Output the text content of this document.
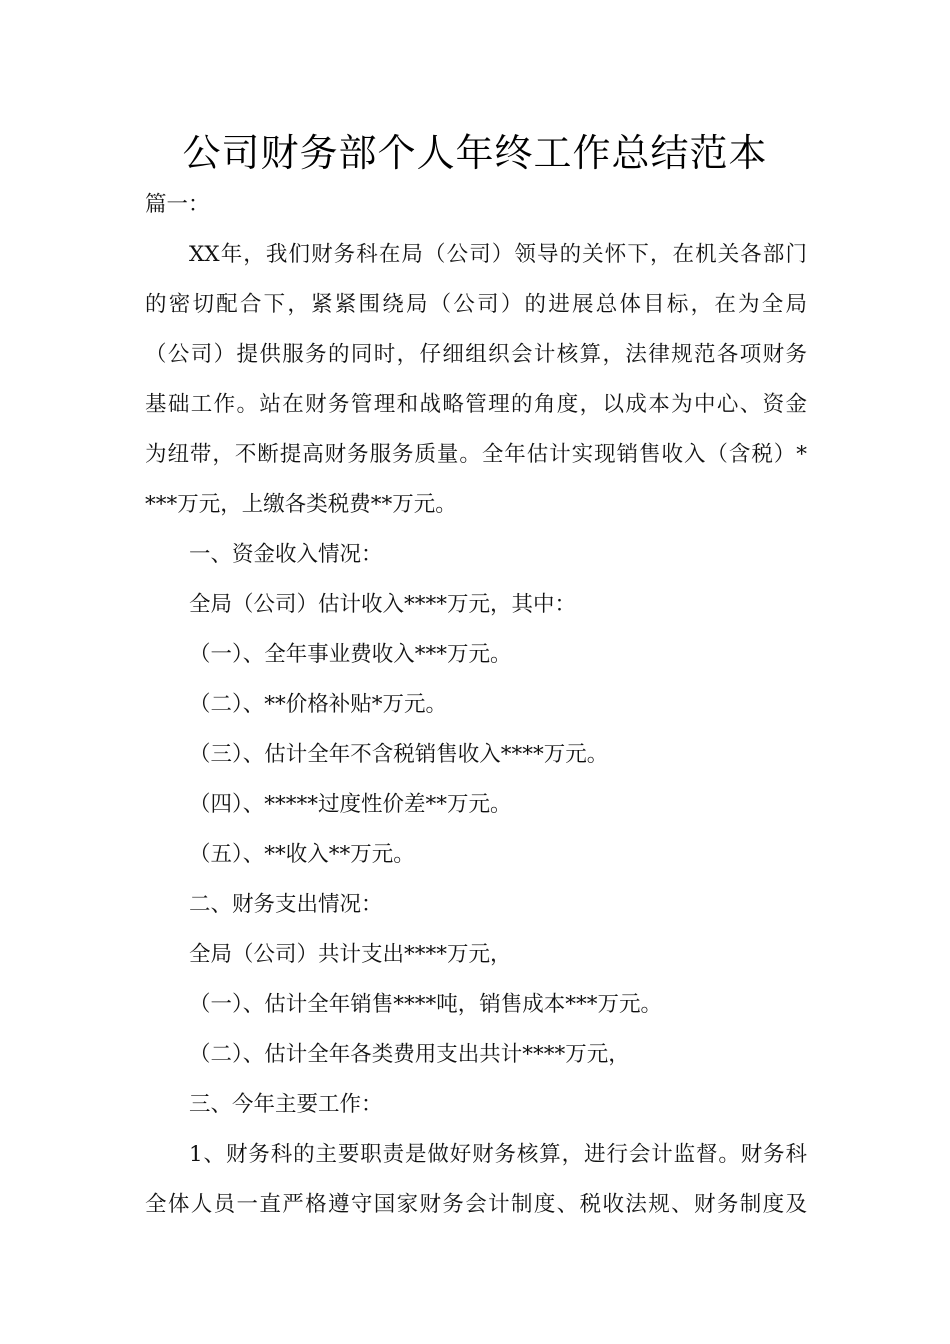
公司财务部个人年终工作总结范本
篇一：
XX年，我们财务科在局（公司）领导的关怀下，在机关各部门
的密切配合下，紧紧围绕局（公司）的进展总体目标，在为全局
（公司）提供服务的同时，仔细组织会计核算，法律规范各项财务
基础工作。站在财务管理和战略管理的角度，以成本为中心、资金
为纽带，不断提高财务服务质量。全年估计实现销售收入（含税）*
***万元，上缴各类税费**万元。
一、资金收入情况：
全局（公司）估计收入****万元，其中：
（一）、全年事业费收入***万元。
（二）、**价格补贴*万元。
（三）、估计全年不含税销售收入****万元。
（四）、*****过度性价差**万元。
（五）、**收入**万元。
二、财务支出情况：
全局（公司）共计支出****万元，
（一）、估计全年销售****吨，销售成本***万元。
（二）、估计全年各类费用支出共计****万元，
三、今年主要工作：
1、财务科的主要职责是做好财务核算，进行会计监督。财务科
全体人员一直严格遵守国家财务会计制度、税收法规、财务制度及
